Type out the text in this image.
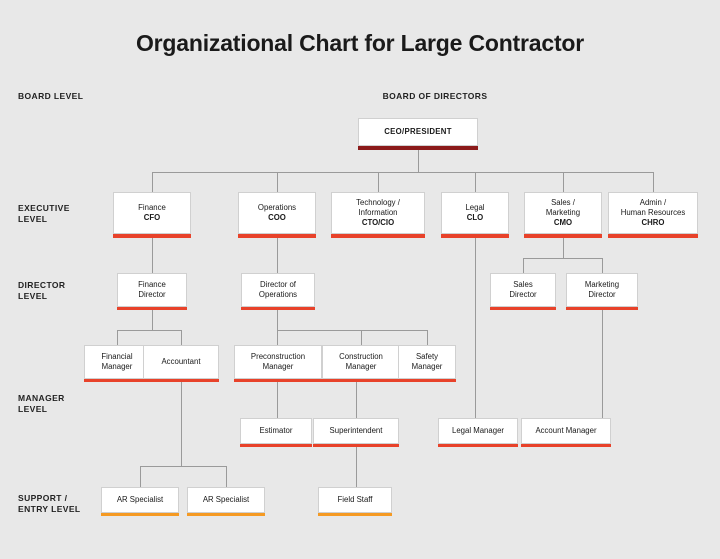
Organizational Chart for Large Contractor
BOARD LEVEL
EXECUTIVE
LEVEL
DIRECTOR
LEVEL
MANAGER
LEVEL
SUPPORT /
ENTRY LEVEL
BOARD OF DIRECTORS
CEO/PRESIDENT
Finance
CFO
Operations
COO
Technology /
Information
CTO/CIO
Legal
CLO
Sales /
Marketing
CMO
Admin /
Human Resources
CHRO
Finance
Director
Director of
Operations
Sales
Director
Marketing
Director
Financial
Manager
Accountant
Preconstruction
Manager
Construction
Manager
Safety
Manager
Estimator	Superintendent	Legal Manager	Account Manager
AR Specialist	AR Specialist	Field Staff
